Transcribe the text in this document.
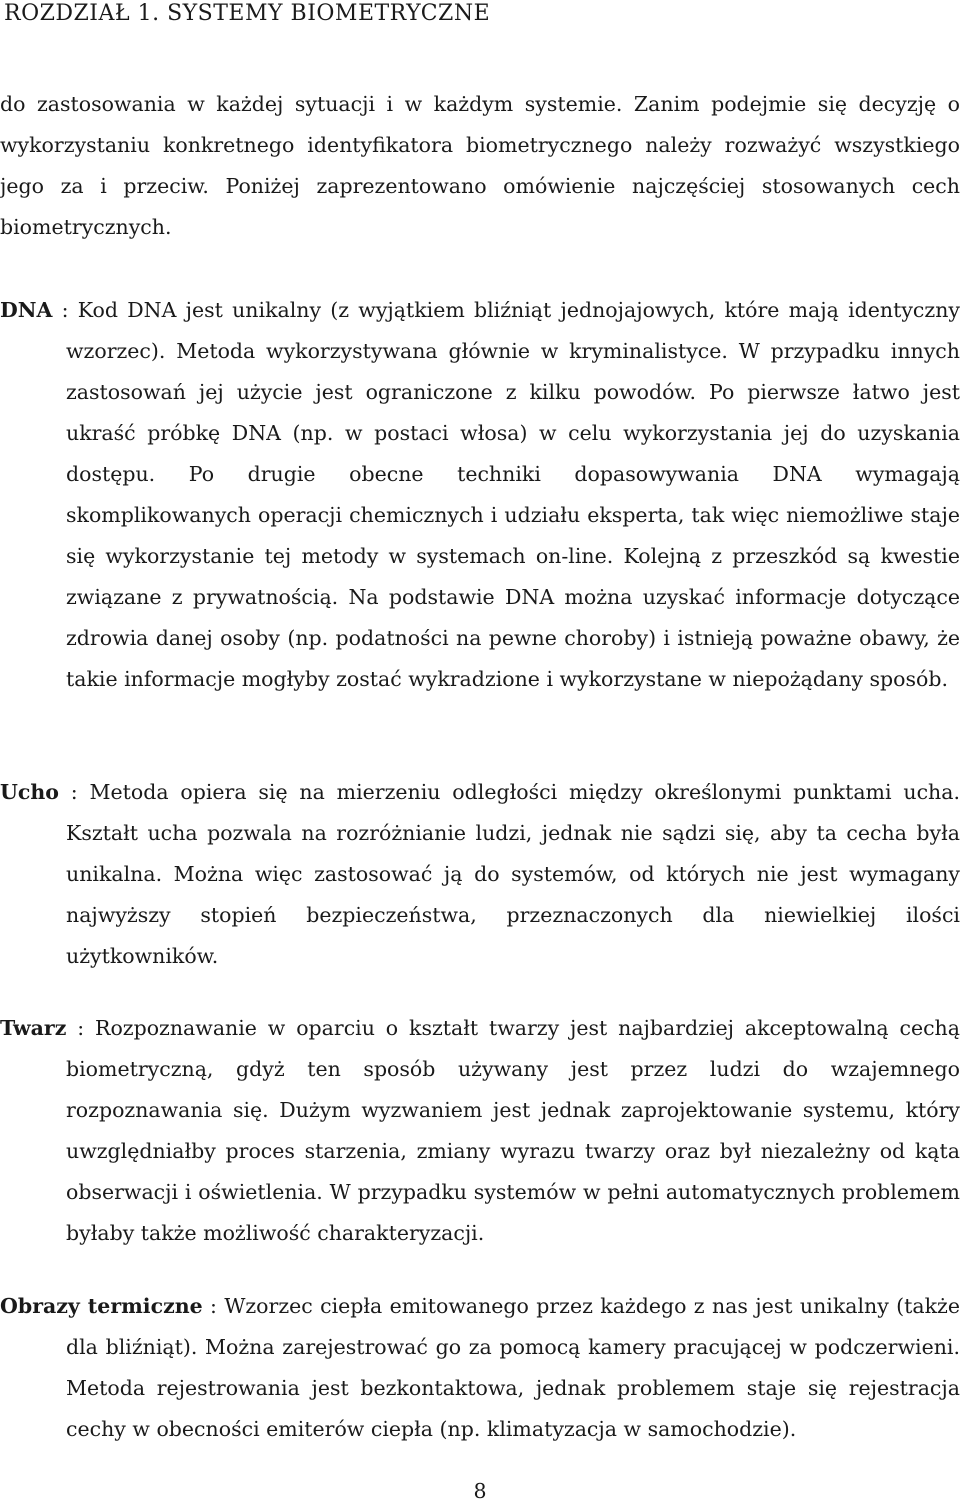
ROZDZIAŁ 1. SYSTEMY BIOMETRYCZNE

do zastosowania w każdej sytuacji i w każdym systemie. Zanim podejmie się decyzję o wykorzystaniu konkretnego identyfikatora biometrycznego należy rozważyć wszystkiego jego za i przeciw. Poniżej zaprezentowano omówienie najczęściej stosowanych cech biometrycznych.

DNA : Kod DNA jest unikalny (z wyjątkiem bliźniąt jednojajowych, które mają identyczny wzorzec). Metoda wykorzystywana głównie w kryminalistyce. W przypadku innych zastosowań jej użycie jest ograniczone z kilku powodów. Po pierwsze łatwo jest ukraść próbkę DNA (np. w postaci włosa) w celu wykorzystania jej do uzyskania dostępu. Po drugie obecne techniki dopasowywania DNA wymagają skomplikowanych operacji chemicznych i udziału eksperta, tak więc niemożliwe staje się wykorzystanie tej metody w systemach on-line. Kolejną z przeszkód są kwestie związane z prywatnością. Na podstawie DNA można uzyskać informacje dotyczące zdrowia danej osoby (np. podatności na pewne choroby) i istnieją poważne obawy, że takie informacje mogłyby zostać wykradzione i wykorzystane w niepożądany sposób.

Ucho : Metoda opiera się na mierzeniu odległości między określonymi punktami ucha. Kształt ucha pozwala na rozróżnianie ludzi, jednak nie sądzi się, aby ta cecha była unikalna. Można więc zastosować ją do systemów, od których nie jest wymagany najwyższy stopień bezpieczeństwa, przeznaczonych dla niewielkiej ilości użytkowników.

Twarz : Rozpoznawanie w oparciu o kształt twarzy jest najbardziej akceptowalną cechą biometryczną, gdyż ten sposób używany jest przez ludzi do wzajemnego rozpoznawania się. Dużym wyzwaniem jest jednak zaprojektowanie systemu, który uwzględniałby proces starzenia, zmiany wyrazu twarzy oraz był niezależny od kąta obserwacji i oświetlenia. W przypadku systemów w pełni automatycznych problemem byłaby także możliwość charakteryzacji.

Obrazy termiczne : Wzorzec ciepła emitowanego przez każdego z nas jest unikalny (także dla bliźniąt). Można zarejestrować go za pomocą kamery pracującej w podczerwieni. Metoda rejestrowania jest bezkontaktowa, jednak problemem staje się rejestracja cechy w obecności emiterów ciepła (np. klimatyzacja w samochodzie).

8
